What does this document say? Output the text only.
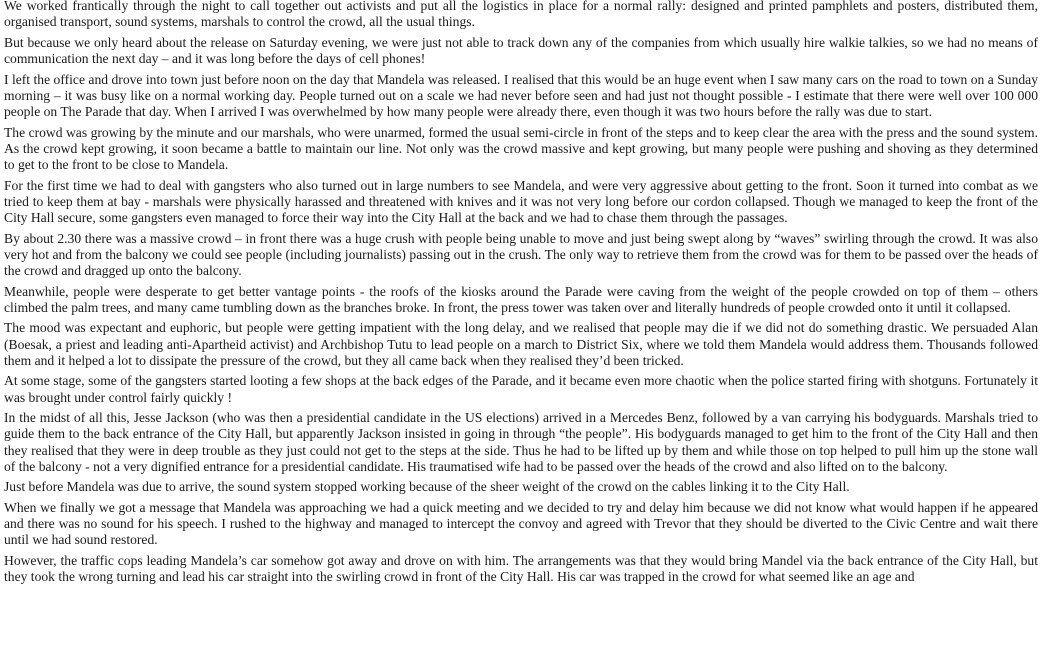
We worked frantically through the night to call together out activists and put all the logistics in place for a normal rally: designed and printed pamphlets and posters, distributed them, organised transport, sound systems, marshals to control the crowd, all the usual things.

But because we only heard about the release on Saturday evening, we were just not able to track down any of the companies from which usually hire walkie talkies, so we had no means of communication the next day – and it was long before the days of cell phones!

I left the office and drove into town just before noon on the day that Mandela was released. I realised that this would be an huge event when I saw many cars on the road to town on a Sunday morning – it was busy like on a normal working day. People turned out on a scale we had never before seen and had just not thought possible - I estimate that there were well over 100 000 people on The Parade that day. When I arrived I was overwhelmed by how many people were already there, even though it was two hours before the rally was due to start.

The crowd was growing by the minute and our marshals, who were unarmed, formed the usual semi-circle in front of the steps and to keep clear the area with the press and the sound system. As the crowd kept growing, it soon became a battle to maintain our line. Not only was the crowd massive and kept growing, but many people were pushing and shoving as they determined to get to the front to be close to Mandela.

For the first time we had to deal with gangsters who also turned out in large numbers to see Mandela, and were very aggressive about getting to the front. Soon it turned into combat as we tried to keep them at bay - marshals were physically harassed and threatened with knives and it was not very long before our cordon collapsed. Though we managed to keep the front of the City Hall secure, some gangsters even managed to force their way into the City Hall at the back and we had to chase them through the passages.

By about 2.30 there was a massive crowd – in front there was a huge crush with people being unable to move and just being swept along by “waves” swirling through the crowd. It was also very hot and from the balcony we could see people (including journalists) passing out in the crush. The only way to retrieve them from the crowd was for them to be passed over the heads of the crowd and dragged up onto the balcony.

Meanwhile, people were desperate to get better vantage points - the roofs of the kiosks around the Parade were caving from the weight of the people crowded on top of them – others climbed the palm trees, and many came tumbling down as the branches broke. In front, the press tower was taken over and literally hundreds of people crowded onto it until it collapsed.

The mood was expectant and euphoric, but people were getting impatient with the long delay, and we realised that people may die if we did not do something drastic. We persuaded Alan (Boesak, a priest and leading anti-Apartheid activist) and Archbishop Tutu to lead people on a march to District Six, where we told them Mandela would address them. Thousands followed them and it helped a lot to dissipate the pressure of the crowd, but they all came back when they realised they’d been tricked.

At some stage, some of the gangsters started looting a few shops at the back edges of the Parade, and it became even more chaotic when the police started firing with shotguns. Fortunately it was brought under control fairly quickly !

In the midst of all this, Jesse Jackson (who was then a presidential candidate in the US elections) arrived in a Mercedes Benz, followed by a van carrying his bodyguards. Marshals tried to guide them to the back entrance of the City Hall, but apparently Jackson insisted in going in through “the people”. His bodyguards managed to get him to the front of the City Hall and then they realised that they were in deep trouble as they just could not get to the steps at the side. Thus he had to be lifted up by them and while those on top helped to pull him up the stone wall of the balcony - not a very dignified entrance for a presidential candidate. His traumatised wife had to be passed over the heads of the crowd and also lifted on to the balcony.

Just before Mandela was due to arrive, the sound system stopped working because of the sheer weight of the crowd on the cables linking it to the City Hall.

When we finally we got a message that Mandela was approaching we had a quick meeting and we decided to try and delay him because we did not know what would happen if he appeared and there was no sound for his speech. I rushed to the highway and managed to intercept the convoy and agreed with Trevor that they should be diverted to the Civic Centre and wait there until we had sound restored.

However, the traffic cops leading Mandela’s car somehow got away and drove on with him. The arrangements was that they would bring Mandel via the back entrance of the City Hall, but they took the wrong turning and lead his car straight into the swirling crowd in front of the City Hall. His car was trapped in the crowd for what seemed like an age and
